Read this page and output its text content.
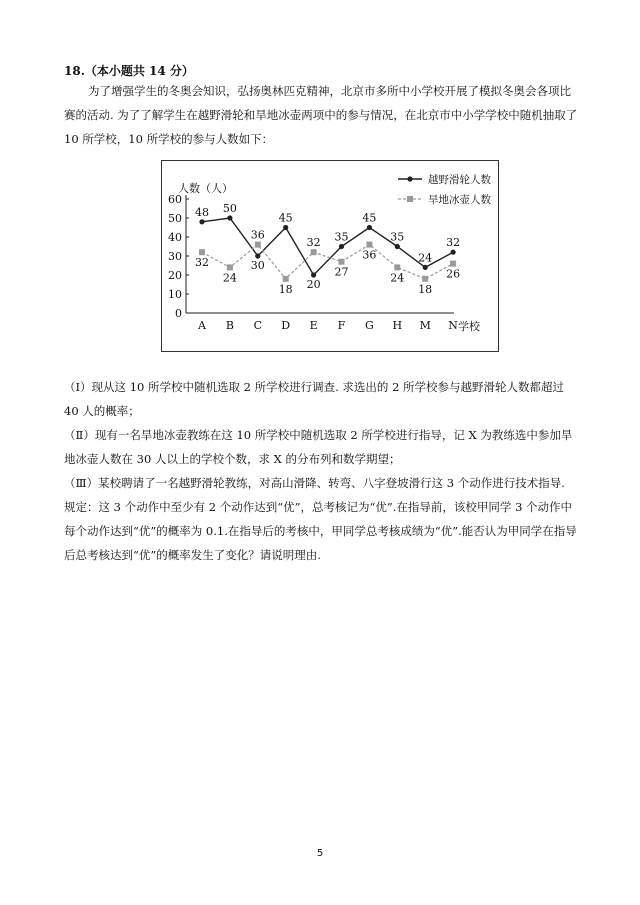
18.（本小题共 14 分）
为了增强学生的冬奥会知识，弘扬奥林匹克精神，北京市多所中小学校开展了模拟冬奥会各项比赛的活动. 为了了解学生在越野滑轮和旱地冰壶两项中的参与情况，在北京市中小学学校中随机抽取了 10 所学校，10 所学校的参与人数如下：
0
10
20
30
40
50
60
人数（人）
A B C D E F G H M N 学校
48
32
50
24
30
36
45
18 20
32 35
27
45
36
35
24
24
18
32
26
越野滑轮人数
旱地冰壶人数
（Ⅰ）现从这 10 所学校中随机选取 2 所学校进行调查. 求选出的 2 所学校参与越野滑轮人数都超过 40 人的概率；
（Ⅱ）现有一名旱地冰壶教练在这 10 所学校中随机选取 2 所学校进行指导，记 X 为教练选中参加旱地冰壶人数在 30 人以上的学校个数，求 X 的分布列和数学期望；
（Ⅲ）某校聘请了一名越野滑轮教练，对高山滑降、转弯、八字登坡滑行这 3 个动作进行技术指导. 规定：这 3 个动作中至少有 2 个动作达到“优”，总考核记为“优”.在指导前，该校甲同学 3 个动作中每个动作达到“优”的概率为 0.1.在指导后的考核中，甲同学总考核成绩为“优”.能否认为甲同学在指导后总考核达到“优”的概率发生了变化？请说明理由.
5
